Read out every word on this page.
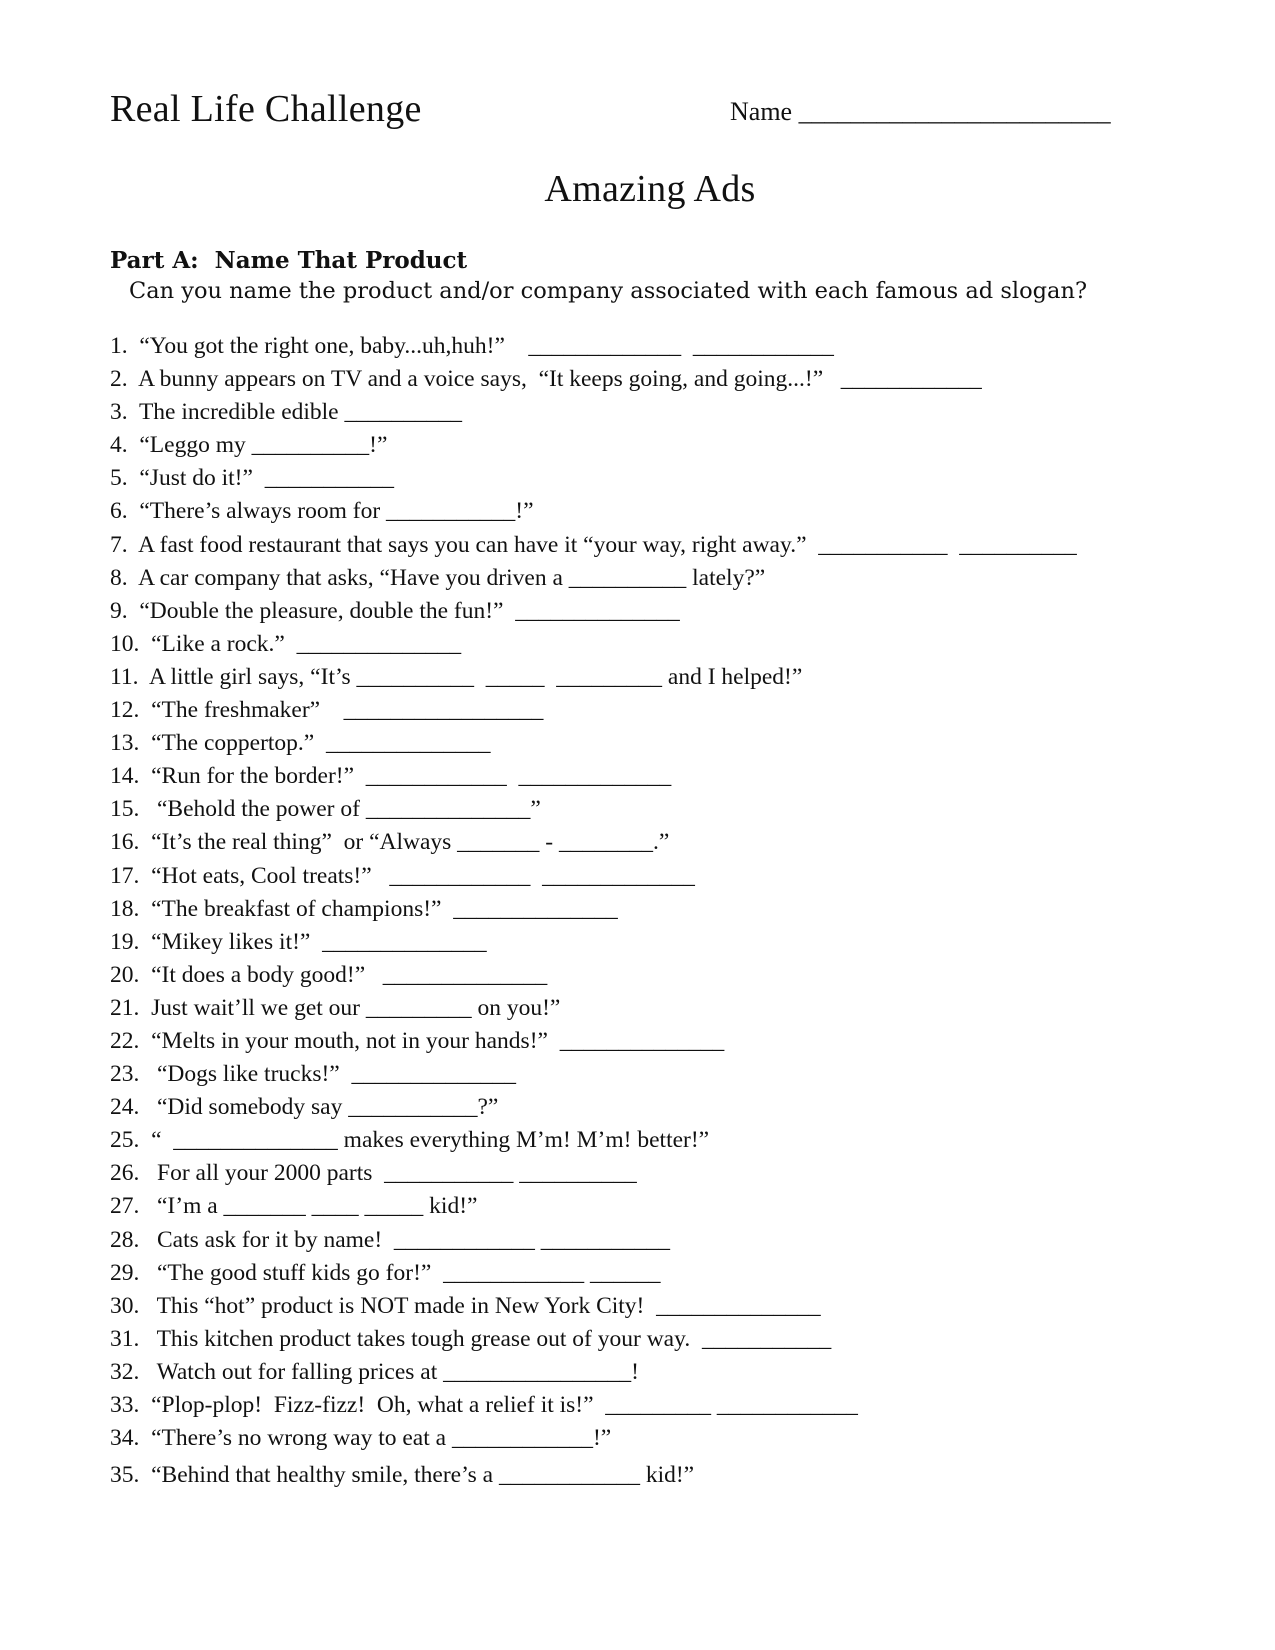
Real Life Challenge	Name ________________________
Amazing Ads
Part A:  Name That Product
Can you name the product and/or company associated with each famous ad slogan?
1.  “You got the right one, baby...uh,huh!”    _____________  ____________
2.  A bunny appears on TV and a voice says,  “It keeps going, and going...!”   ____________
3.  The incredible edible __________
4.  “Leggo my __________!”
5.  “Just do it!”  ___________
6.  “There’s always room for ___________!”
7.  A fast food restaurant that says you can have it “your way, right away.”  ___________  __________
8.  A car company that asks, “Have you driven a __________ lately?”
9.  “Double the pleasure, double the fun!”  ______________
10.  “Like a rock.”  ______________
11.  A little girl says, “It’s __________  _____  _________ and I helped!”
12.  “The freshmaker”    _________________
13.  “The coppertop.”  ______________
14.  “Run for the border!”  ____________  _____________
15.   “Behold the power of ______________”
16.  “It’s the real thing”  or “Always _______ - ________.”
17.  “Hot eats, Cool treats!”   ____________  _____________
18.  “The breakfast of champions!”  ______________
19.  “Mikey likes it!”  ______________
20.  “It does a body good!”   ______________
21.  Just wait’ll we get our _________ on you!”
22.  “Melts in your mouth, not in your hands!”  ______________
23.   “Dogs like trucks!”  ______________
24.   “Did somebody say ___________?”
25.  “  ______________ makes everything M’m! M’m! better!”
26.   For all your 2000 parts  ___________ __________
27.   “I’m a _______ ____ _____ kid!”
28.   Cats ask for it by name!  ____________ ___________
29.   “The good stuff kids go for!”  ____________ ______
30.   This “hot” product is NOT made in New York City!  ______________
31.   This kitchen product takes tough grease out of your way.  ___________
32.   Watch out for falling prices at ________________!
33.  “Plop-plop!  Fizz-fizz!  Oh, what a relief it is!”  _________ ____________
34.  “There’s no wrong way to eat a ____________!”
35.  “Behind that healthy smile, there’s a ____________ kid!”
